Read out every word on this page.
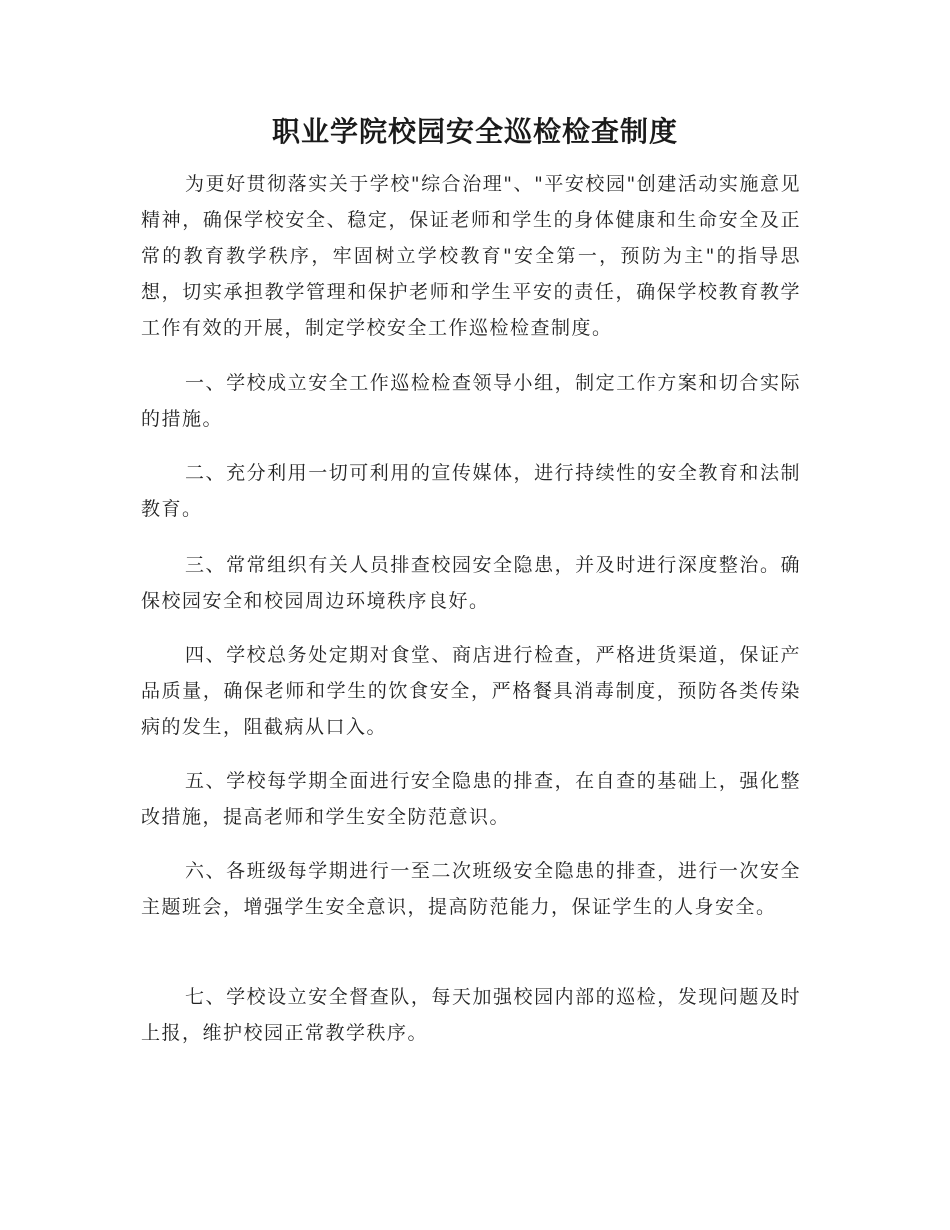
职业学院校园安全巡检检查制度

为更好贯彻落实关于学校"综合治理"、"平安校园"创建活动实施意见精神，确保学校安全、稳定，保证老师和学生的身体健康和生命安全及正常的教育教学秩序，牢固树立学校教育"安全第一，预防为主"的指导思想，切实承担教学管理和保护老师和学生平安的责任，确保学校教育教学工作有效的开展，制定学校安全工作巡检检查制度。

一、学校成立安全工作巡检检查领导小组，制定工作方案和切合实际的措施。

二、充分利用一切可利用的宣传媒体，进行持续性的安全教育和法制教育。

三、常常组织有关人员排查校园安全隐患，并及时进行深度整治。确保校园安全和校园周边环境秩序良好。

四、学校总务处定期对食堂、商店进行检查，严格进货渠道，保证产品质量，确保老师和学生的饮食安全，严格餐具消毒制度，预防各类传染病的发生，阻截病从口入。

五、学校每学期全面进行安全隐患的排查，在自查的基础上，强化整改措施，提高老师和学生安全防范意识。

六、各班级每学期进行一至二次班级安全隐患的排查，进行一次安全主题班会，增强学生安全意识，提高防范能力，保证学生的人身安全。

七、学校设立安全督查队，每天加强校园内部的巡检，发现问题及时上报，维护校园正常教学秩序。
